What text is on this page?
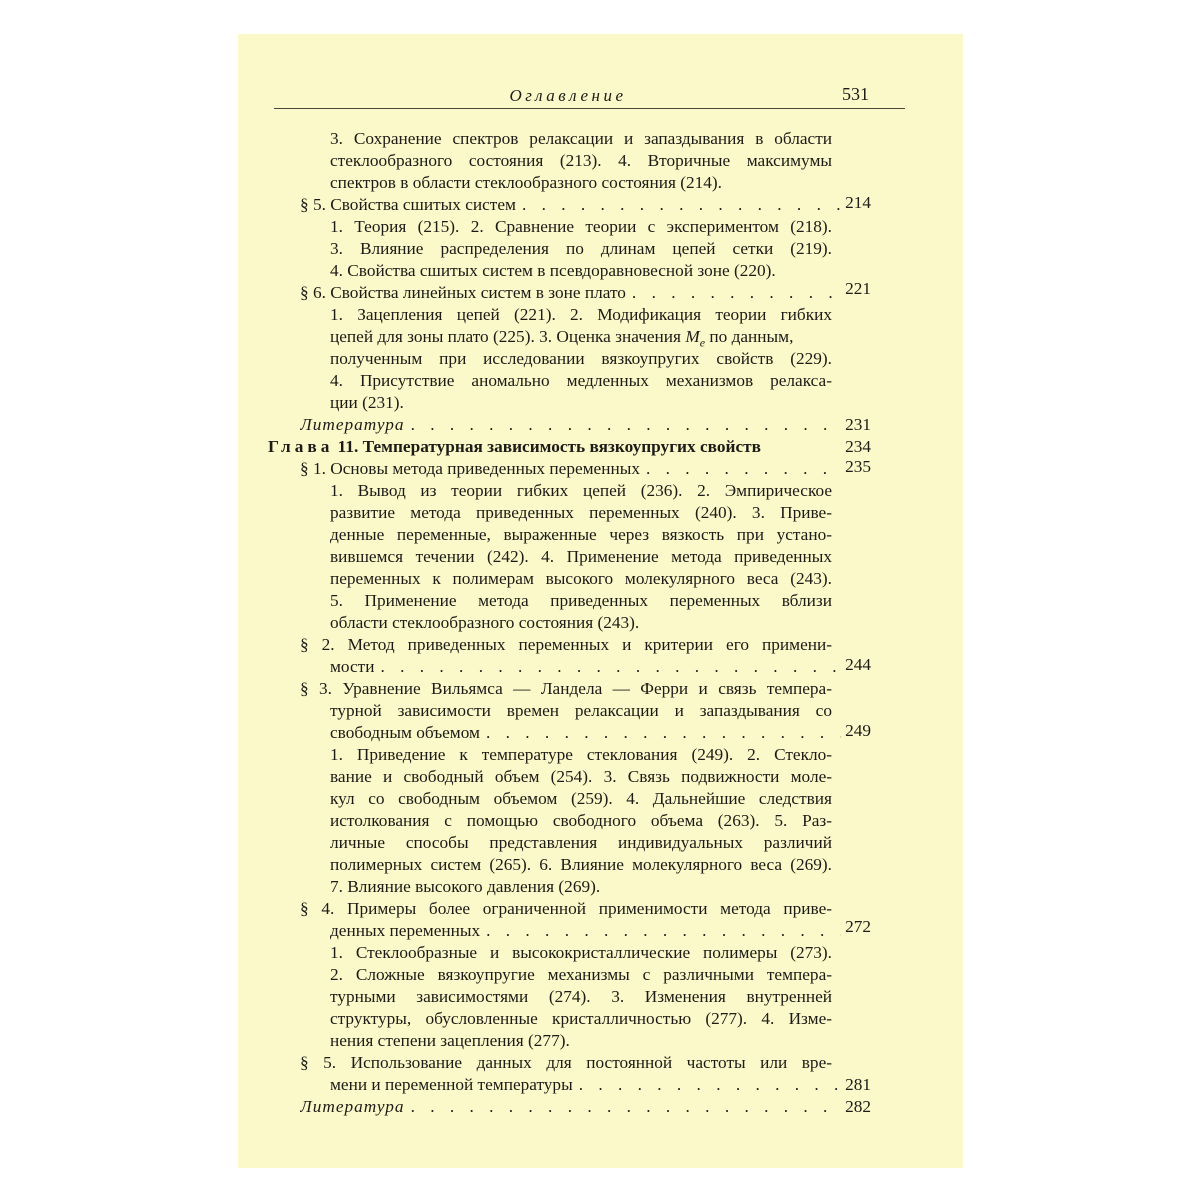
Оглавление	531
3. Сохранение спектров релаксации и запаздывания в области
стеклообразного состояния (213). 4. Вторичные максимумы
спектров в области стеклообразного состояния (214).
§ 5. Свойства сшитых систем . . .	214
1. Теория (215). 2. Сравнение теории с экспериментом (218).
3. Влияние распределения по длинам цепей сетки (219).
4. Свойства сшитых систем в псевдоравновесной зоне (220).
§ 6. Свойства линейных систем в зоне плато . . .	221
1. Зацепления цепей (221). 2. Модификация теории гибких
цепей для зоны плато (225). 3. Оценка значения $M_e$ по данным,
полученным при исследовании вязкоупругих свойств (229).
4. Присутствие аномально медленных механизмов релакса-
ции (231).
Литература . . .	231
Глава 11. Температурная зависимость вязкоупругих свойств	234
§ 1. Основы метода приведенных переменных . . .	235
1. Вывод из теории гибких цепей (236). 2. Эмпирическое
развитие метода приведенных переменных (240). 3. Приве-
денные переменные, выраженные через вязкость при устано-
вившемся течении (242). 4. Применение метода приведенных
переменных к полимерам высокого молекулярного веса (243).
5. Применение метода приведенных переменных вблизи
области стеклообразного состояния (243).
§ 2. Метод приведенных переменных и критерии его примени-
мости . . .	244
§ 3. Уравнение Вильямса — Ландела — Ферри и связь темпера-
турной зависимости времен релаксации и запаздывания со
свободным объемом . . .	249
1. Приведение к температуре стеклования (249). 2. Стекло-
вание и свободный объем (254). 3. Связь подвижности моле-
кул со свободным объемом (259). 4. Дальнейшие следствия
истолкования с помощью свободного объема (263). 5. Раз-
личные способы представления индивидуальных различий
полимерных систем (265). 6. Влияние молекулярного веса (269).
7. Влияние высокого давления (269).
§ 4. Примеры более ограниченной применимости метода приве-
денных переменных . . .	272
1. Стеклообразные и высококристаллические полимеры (273).
2. Сложные вязкоупругие механизмы с различными темпера-
турными зависимостями (274). 3. Изменения внутренней
структуры, обусловленные кристалличностью (277). 4. Изме-
нения степени зацепления (277).
§ 5. Использование данных для постоянной частоты или вре-
мени и переменной температуры . . .	281
Литература . . .	282
